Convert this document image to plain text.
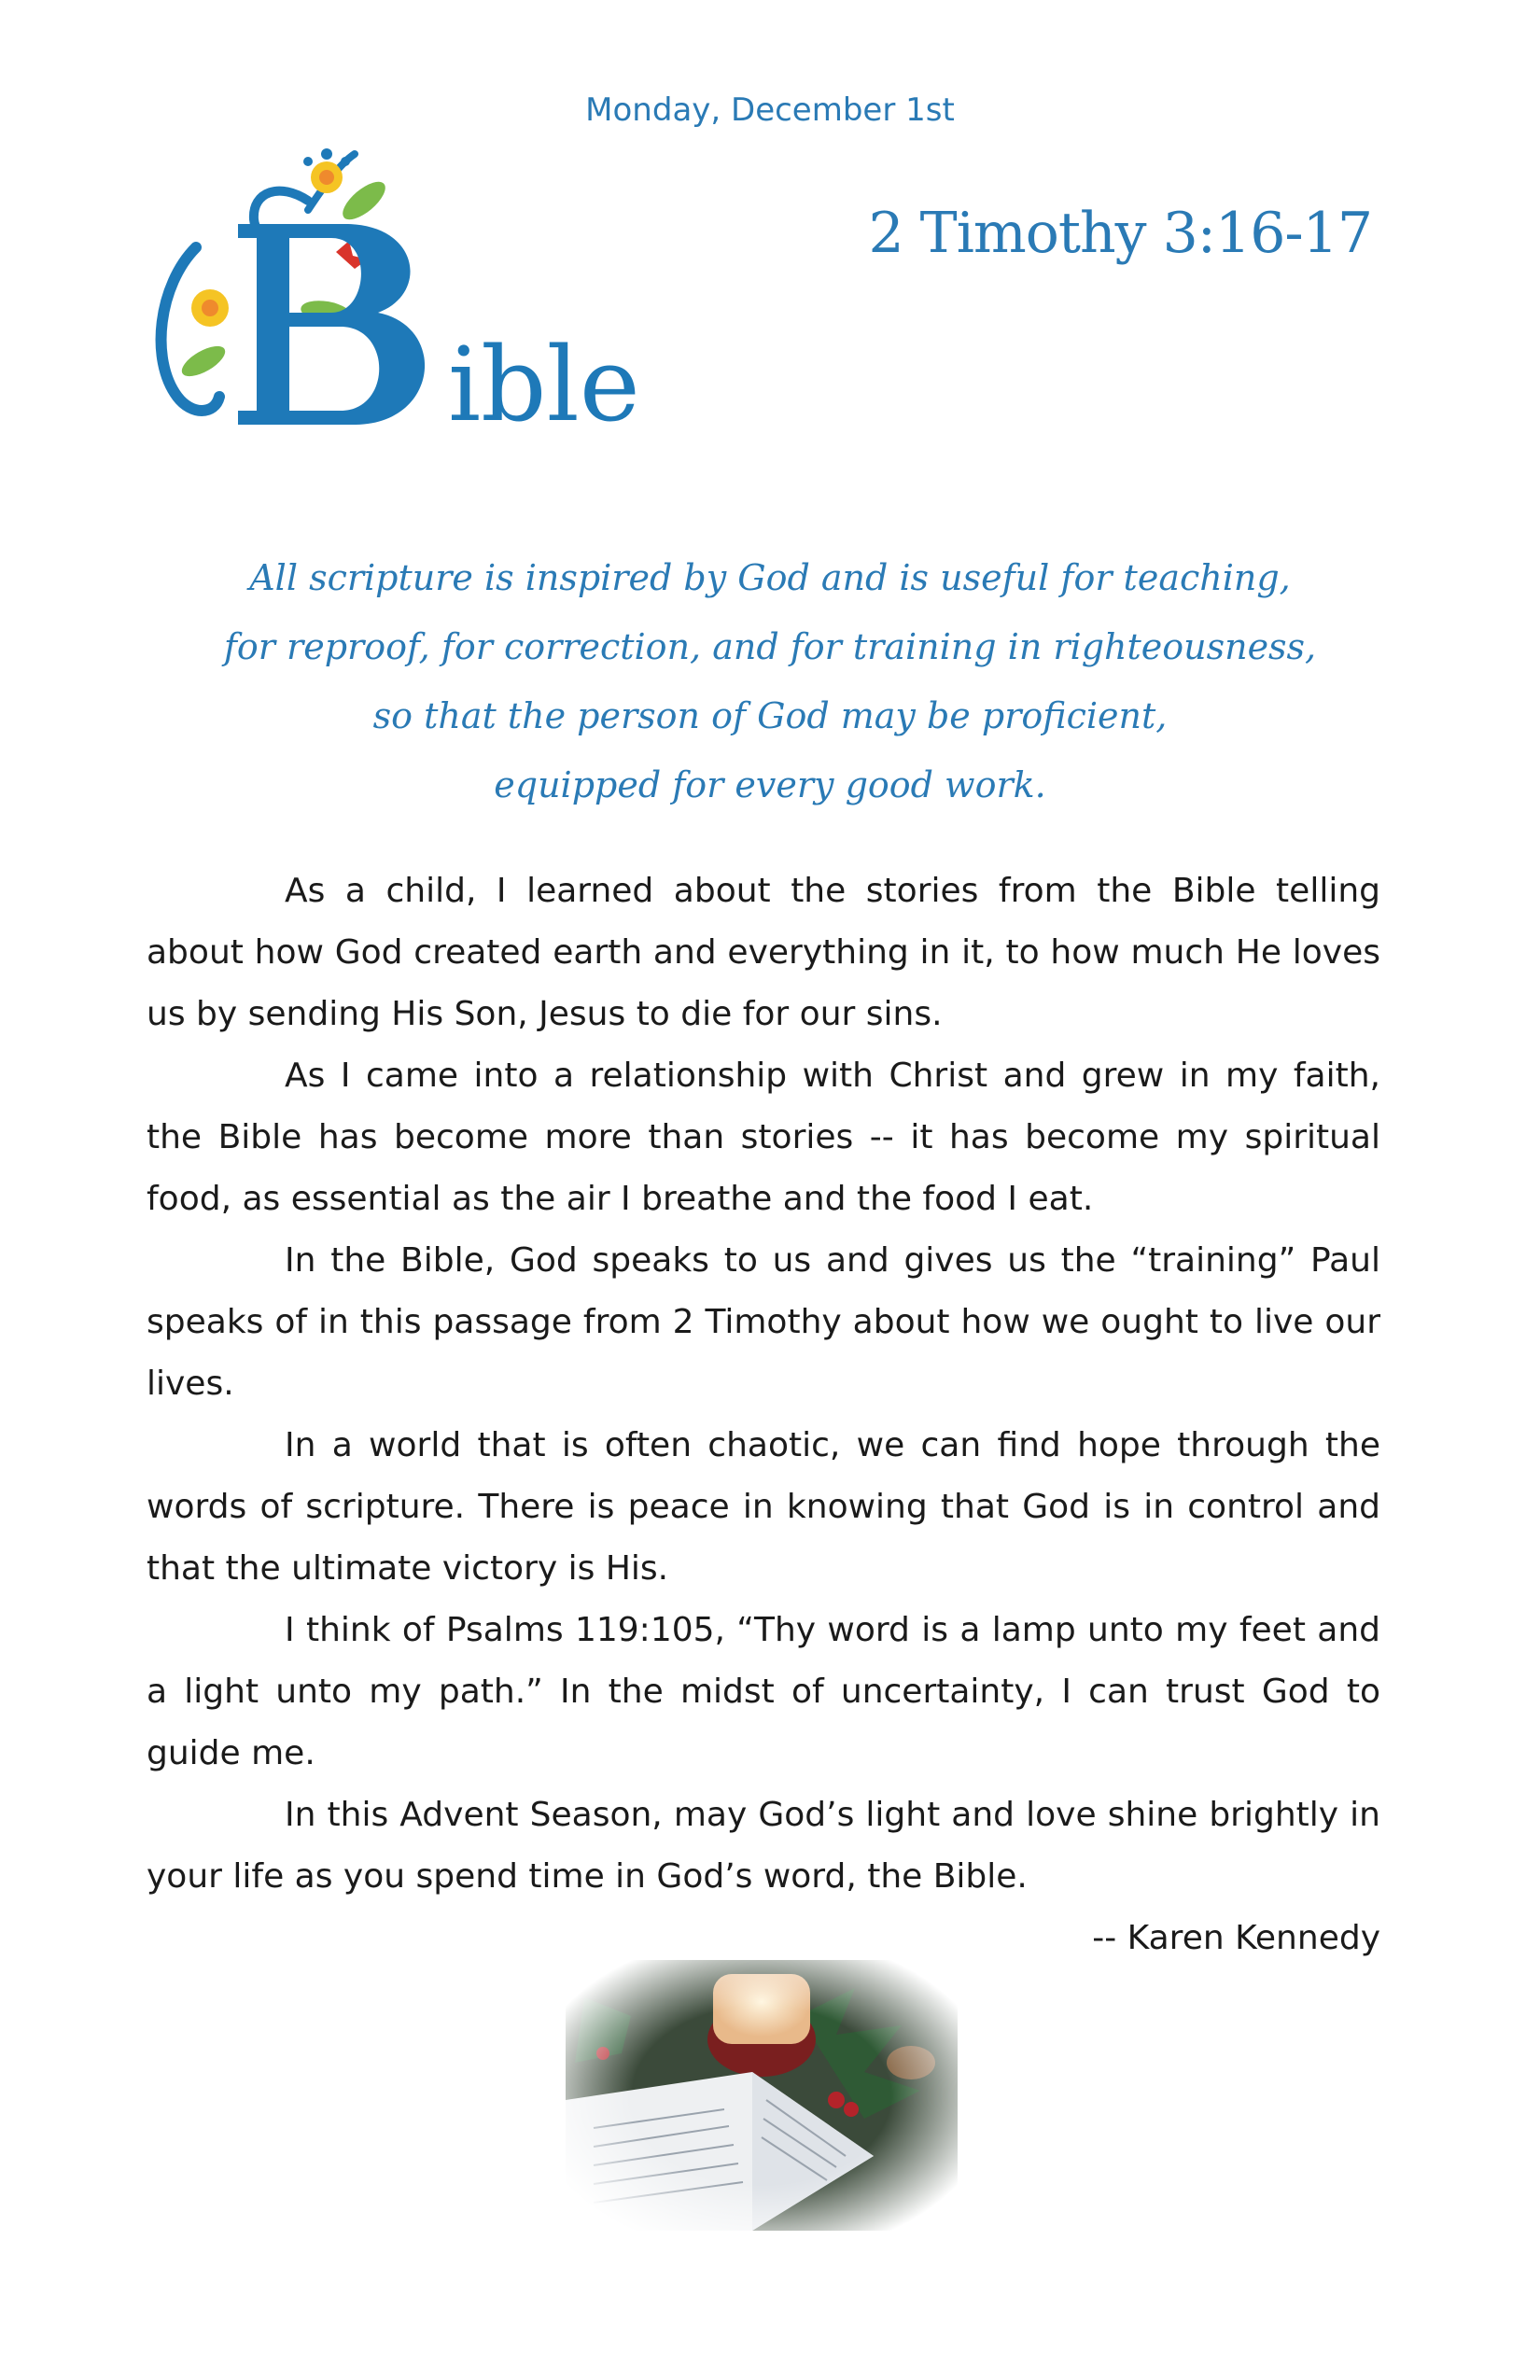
Monday, December 1st
ible
2 Timothy 3:16-17
All scripture is inspired by God and is useful for teaching,
for reproof, for correction, and for training in righteousness,
so that the person of God may be proficient,
equipped for every good work.

As a child, I learned about the stories from the Bible telling about how God created earth and everything in it, to how much He loves us by sending His Son, Jesus to die for our sins.

As I came into a relationship with Christ and grew in my faith, the Bible has become more than stories -- it has become my spiritual food, as essential as the air I breathe and the food I eat.

In the Bible, God speaks to us and gives us the “training” Paul speaks of in this passage from 2 Timothy about how we ought to live our lives.

In a world that is often chaotic, we can find hope through the words of scripture. There is peace in knowing that God is in control and that the ultimate victory is His.

I think of Psalms 119:105, “Thy word is a lamp unto my feet and a light unto my path.” In the midst of uncertainty, I can trust God to guide me.

In this Advent Season, may God’s light and love shine brightly in your life as you spend time in God’s word, the Bible.

-- Karen Kennedy
